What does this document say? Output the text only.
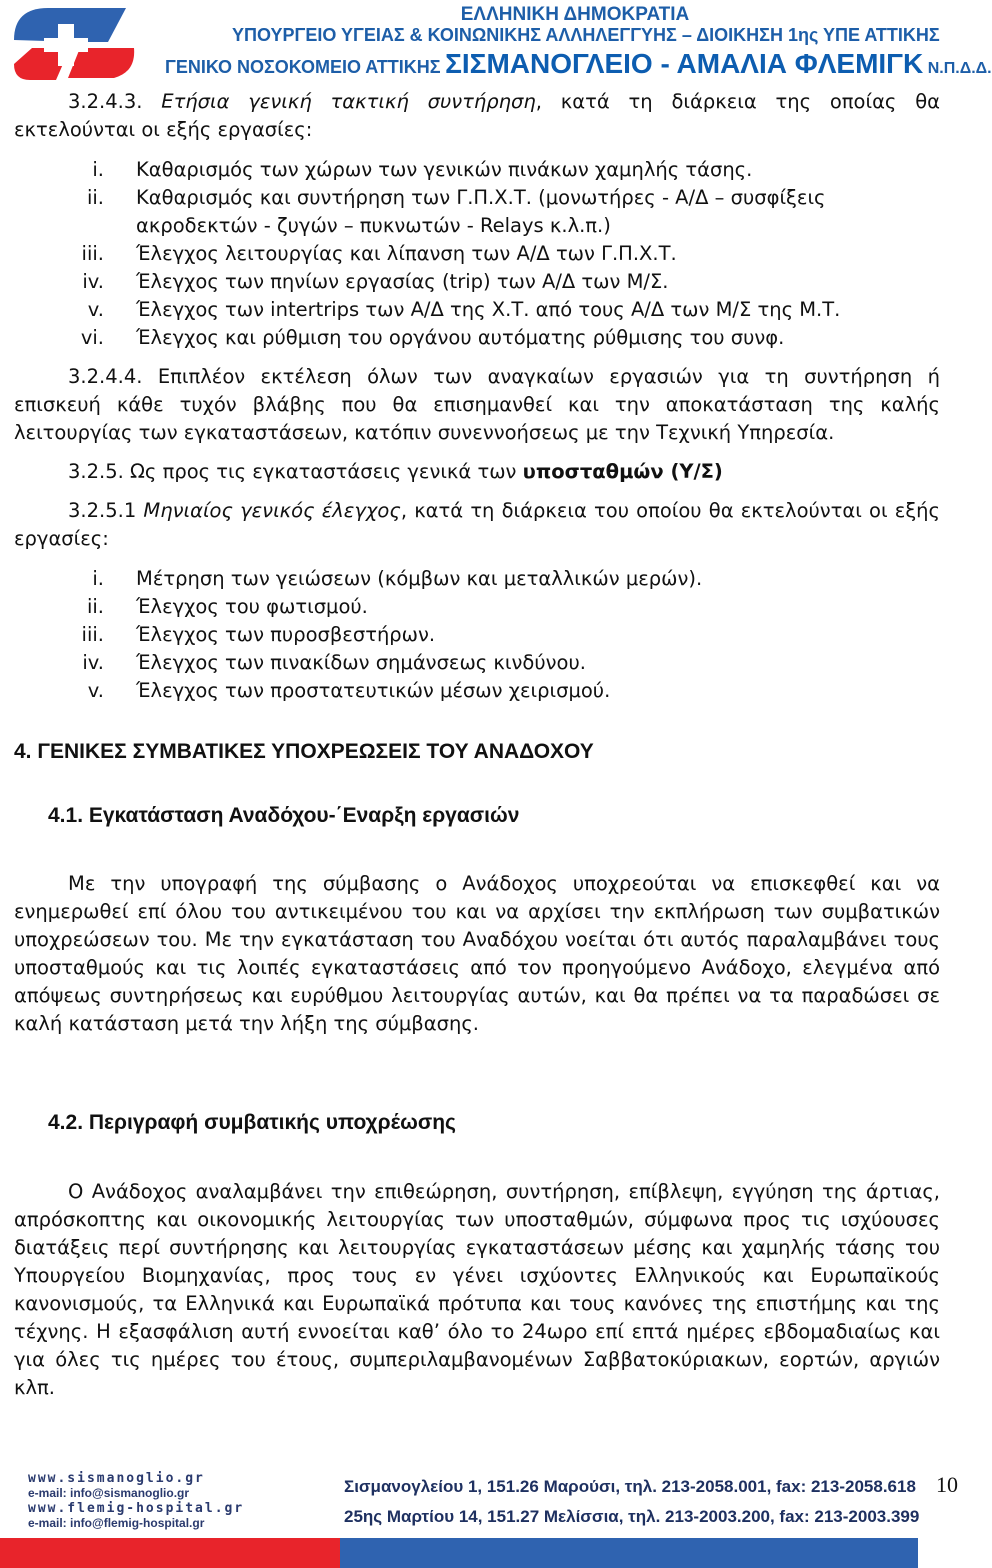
ΕΛΛΗΝΙΚΗ ΔΗΜΟΚΡΑΤΙΑ
ΥΠΟΥΡΓΕΙΟ ΥΓΕΙΑΣ & ΚΟΙΝΩΝΙΚΗΣ ΑΛΛΗΛΕΓΓΥΗΣ – ΔΙΟΙΚΗΣΗ 1ης ΥΠΕ ΑΤΤΙΚΗΣ
ΓΕΝΙΚΟ ΝΟΣΟΚΟΜΕΙΟ ΑΤΤΙΚΗΣ ΣΙΣΜΑΝΟΓΛΕΙΟ - ΑΜΑΛΙΑ ΦΛΕΜΙΓΚ Ν.Π.Δ.Δ.
3.2.4.3. Ετήσια γενική τακτική συντήρηση, κατά τη διάρκεια της οποίας θα εκτελούνται οι εξής εργασίες:
i. Καθαρισμός των χώρων των γενικών πινάκων χαμηλής τάσης.
ii. Καθαρισμός και συντήρηση των Γ.Π.Χ.Τ. (μονωτήρες - Α/Δ – συσφίξεις ακροδεκτών - ζυγών – πυκνωτών - Relays κ.λ.π.)
iii. Έλεγχος λειτουργίας και λίπανση των Α/Δ των Γ.Π.Χ.Τ.
iv. Έλεγχος των πηνίων εργασίας (trip) των Α/Δ των Μ/Σ.
v. Έλεγχος των intertrips των Α/Δ της Χ.Τ. από τους Α/Δ των Μ/Σ της Μ.Τ.
vi. Έλεγχος και ρύθμιση του οργάνου αυτόματης ρύθμισης του συνφ.
3.2.4.4. Επιπλέον εκτέλεση όλων των αναγκαίων εργασιών για τη συντήρηση ή επισκευή κάθε τυχόν βλάβης που θα επισημανθεί και την αποκατάσταση της καλής λειτουργίας των εγκαταστάσεων, κατόπιν συνεννοήσεως με την Τεχνική Υπηρεσία.
3.2.5. Ως προς τις εγκαταστάσεις γενικά των υποσταθμών (Υ/Σ)
3.2.5.1 Μηνιαίος γενικός έλεγχος, κατά τη διάρκεια του οποίου θα εκτελούνται οι εξής εργασίες:
i. Μέτρηση των γειώσεων (κόμβων και μεταλλικών μερών).
ii. Έλεγχος του φωτισμού.
iii. Έλεγχος των πυροσβεστήρων.
iv. Έλεγχος των πινακίδων σημάνσεως κινδύνου.
v. Έλεγχος των προστατευτικών μέσων χειρισμού.
4. ΓΕΝΙΚΕΣ ΣΥΜΒΑΤΙΚΕΣ ΥΠΟΧΡΕΩΣΕΙΣ ΤΟΥ ΑΝΑΔΟΧΟΥ
4.1. Εγκατάσταση Αναδόχου-΄Εναρξη εργασιών
Με την υπογραφή της σύμβασης ο Ανάδοχος υποχρεούται να επισκεφθεί και να ενημερωθεί επί όλου του αντικειμένου του και να αρχίσει την εκπλήρωση των συμβατικών υποχρεώσεων του. Με την εγκατάσταση του Αναδόχου νοείται ότι αυτός παραλαμβάνει τους υποσταθμούς και τις λοιπές εγκαταστάσεις από τον προηγούμενο Ανάδοχο, ελεγμένα από απόψεως συντηρήσεως και ευρύθμου λειτουργίας αυτών, και θα πρέπει να τα παραδώσει σε καλή κατάσταση μετά την λήξη της σύμβασης.
4.2. Περιγραφή συμβατικής υποχρέωσης
Ο Ανάδοχος αναλαμβάνει την επιθεώρηση, συντήρηση, επίβλεψη, εγγύηση της άρτιας, απρόσκοπτης και οικονομικής λειτουργίας των υποσταθμών, σύμφωνα προς τις ισχύουσες διατάξεις περί συντήρησης και λειτουργίας εγκαταστάσεων μέσης και χαμηλής τάσης του Υπουργείου Βιομηχανίας, προς τους εν γένει ισχύοντες Ελληνικούς και Ευρωπαϊκούς κανονισμούς, τα Ελληνικά και Ευρωπαϊκά πρότυπα και τους κανόνες της επιστήμης και της τέχνης. Η εξασφάλιση αυτή εννοείται καθ’ όλο το 24ωρο επί επτά ημέρες εβδομαδιαίως και για όλες τις ημέρες του έτους, συμπεριλαμβανομένων Σαββατοκύριακων, εορτών, αργιών κλπ.
www.sismanoglio.gr
e-mail: info@sismanoglio.gr
www.flemig-hospital.gr
e-mail: info@flemig-hospital.gr
Σισμανογλείου 1, 151.26 Μαρούσι, τηλ. 213-2058.001, fax: 213-2058.618
25ης Μαρτίου 14, 151.27 Μελίσσια, τηλ. 213-2003.200, fax: 213-2003.399
10
